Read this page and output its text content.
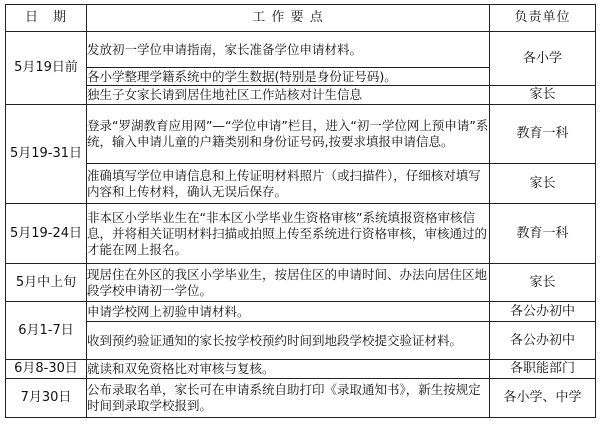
日　期	工 作 要 点	负责单位
5月19日前	发放初一学位申请指南，家长准备学位申请材料。	各小学
	各小学整理学籍系统中的学生数据(特别是身份证号码)。	
	独生子女家长请到居住地社区工作站核对计生信息	家长
5月19-31日	登录“罗湖教育应用网”—“学位申请”栏目，进入“初一学位网上预申请”系统，输入申请儿童的户籍类别和身份证号码,按要求填报申请信息。	教育一科
	准确填写学位申请信息和上传证明材料照片（或扫描件），仔细核对填写内容和上传材料，确认无误后保存。	家长
5月19-24日	非本区小学毕业生在“非本区小学毕业生资格审核”系统填报资格审核信息，并将相关证明材料扫描或拍照上传至系统进行资格审核，审核通过的才能在网上报名。	教育一科
5月中上旬	现居住在外区的我区小学毕业生，按居住区的申请时间、办法向居住区地段学校申请初一学位。	家长
6月1-7日	申请学校网上初验申请材料。	各公办初中
	收到预约验证通知的家长按学校预约时间到地段学校提交验证材料。	各公办初中
6月8-30日	就读和双免资格比对审核与复核。	各职能部门
7月30日	公布录取名单，家长可在申请系统自助打印《录取通知书》，新生按规定时间到录取学校报到。	各小学、中学
